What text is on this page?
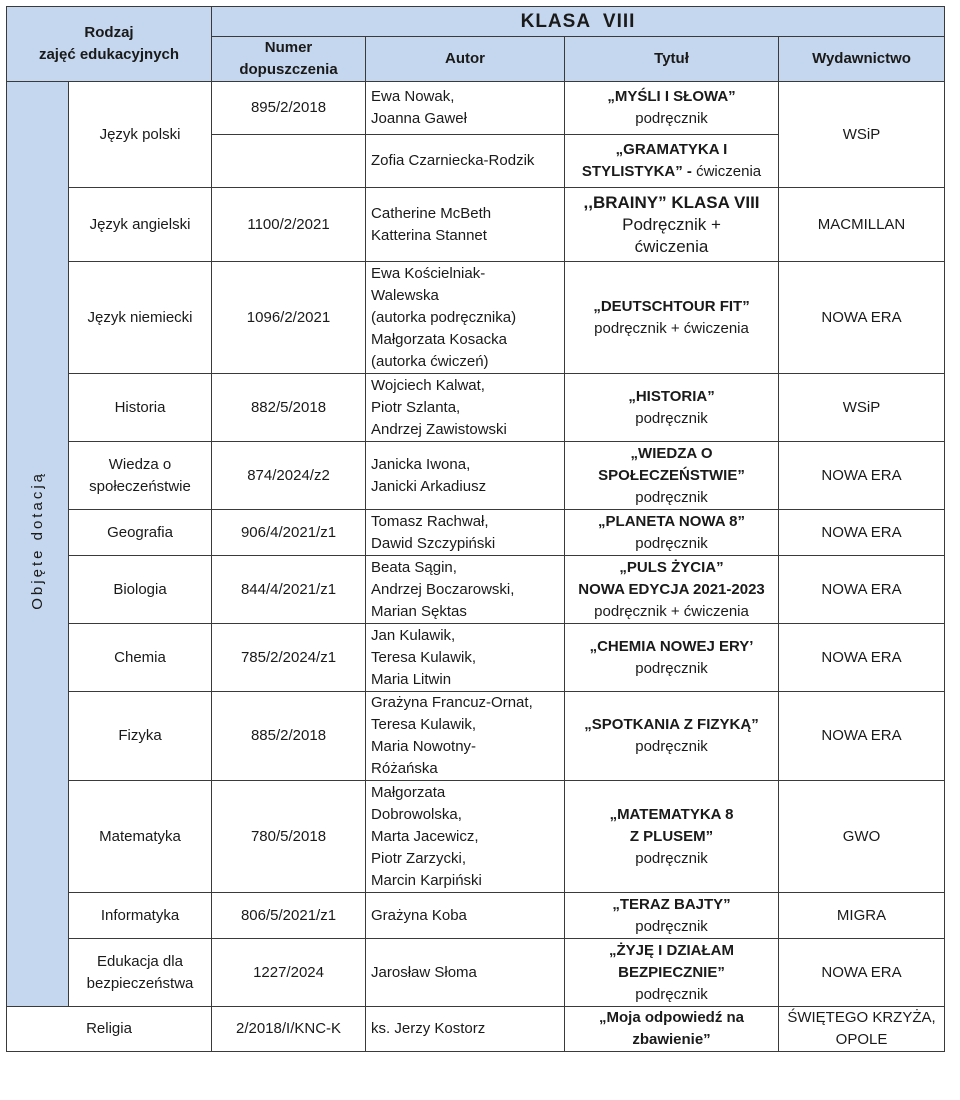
Rodzaj
zajęć edukacyjnych		KLASA  VIII			

		Numer
dopuszczenia	Autor	Tytuł	Wydawnictwo
Objęte dotacją	Język polski	895/2/2018	Ewa Nowak,
Joanna Gaweł	„MYŚLI I SŁOWA”
podręcznik	WSiP

			Zofia Czarniecka-Rodzik	„GRAMATYKA I
STYLISTYKA” - ćwiczenia	

	Język angielski	1100/2/2021	Catherine McBeth
Katterina Stannet	,,BRAINY” KLASA VIII
Podręcznik +
ćwiczenia	MACMILLAN

	Język niemiecki	1096/2/2021	Ewa Kościelniak-
Walewska
(autorka podręcznika)
Małgorzata Kosacka
(autorka ćwiczeń)	„DEUTSCHTOUR FIT”
podręcznik + ćwiczenia	NOWA ERA

	Historia	882/5/2018	Wojciech Kalwat,
Piotr Szlanta,
Andrzej Zawistowski	„HISTORIA”
podręcznik	WSiP

	Wiedza o
społeczeństwie	874/2024/z2	Janicka Iwona,
Janicki Arkadiusz	„WIEDZA O
SPOŁECZEŃSTWIE”
podręcznik	NOWA ERA

	Geografia	906/4/2021/z1	Tomasz Rachwał,
Dawid Szczypiński	„PLANETA NOWA 8”
podręcznik	NOWA ERA

	Biologia	844/4/2021/z1	Beata Sągin,
Andrzej Boczarowski,
Marian Sęktas	„PULS ŻYCIA”
NOWA EDYCJA 2021-2023
podręcznik + ćwiczenia	NOWA ERA

	Chemia	785/2/2024/z1	Jan Kulawik,
Teresa Kulawik,
Maria Litwin	„CHEMIA NOWEJ ERY’
podręcznik	NOWA ERA

	Fizyka	885/2/2018	Grażyna Francuz-Ornat,
Teresa Kulawik,
Maria Nowotny-
Różańska	„SPOTKANIA Z FIZYKĄ”
podręcznik	NOWA ERA

	Matematyka	780/5/2018	Małgorzata
Dobrowolska,
Marta Jacewicz,
Piotr Zarzycki,
Marcin Karpiński	„MATEMATYKA 8
Z PLUSEM”
podręcznik	GWO

	Informatyka	806/5/2021/z1	Grażyna Koba	„TERAZ BAJTY”
podręcznik	MIGRA

	Edukacja dla
bezpieczeństwa	1227/2024	Jarosław Słoma	„ŻYJĘ I DZIAŁAM
BEZPIECZNIE”
podręcznik	NOWA ERA

Religia		2/2018/I/KNC-K	ks. Jerzy Kostorz	„Moja odpowiedź na
zbawienie”	ŚWIĘTEGO KRZYŻA,
OPOLE
